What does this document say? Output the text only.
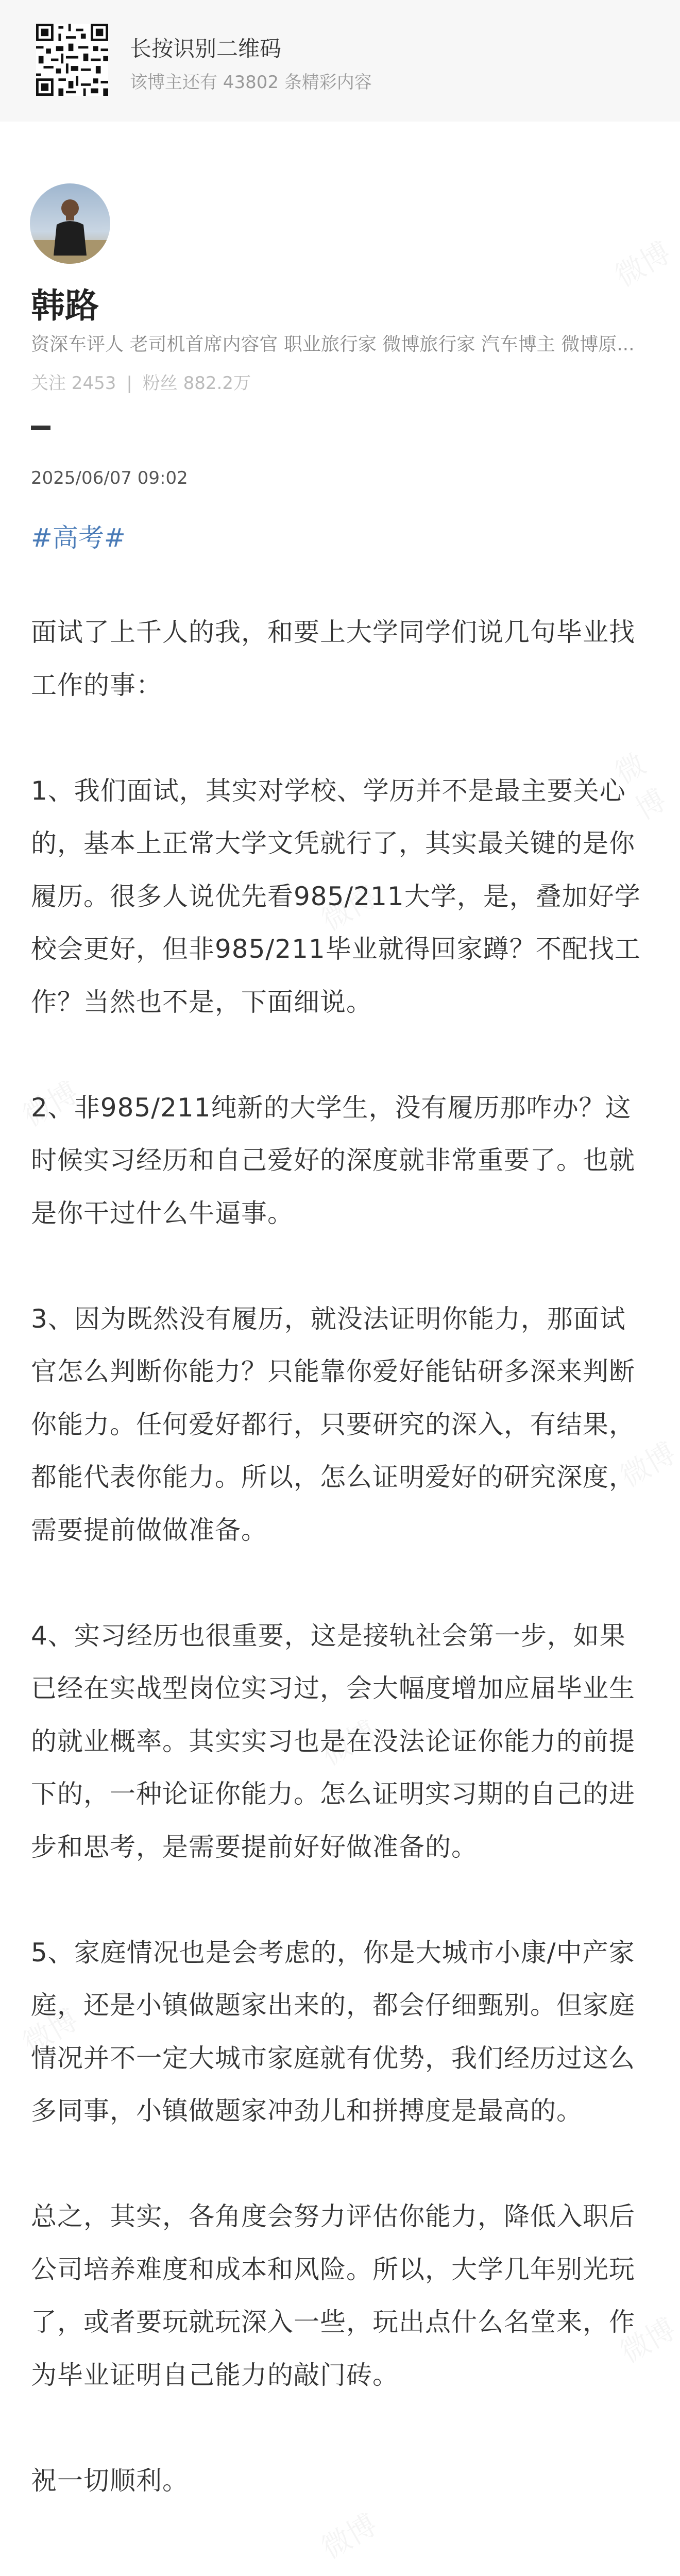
长按识别二维码
该博主还有 43802 条精彩内容
韩路
资深车评人 老司机首席内容官 职业旅行家 微博旅行家 汽车博主 微博原...
关注 2453 | 粉丝 882.2万
2025/06/07 09:02
#高考#

面试了上千人的我，和要上大学同学们说几句毕业找工作的事：

1、我们面试，其实对学校、学历并不是最主要关心的，基本上正常大学文凭就行了，其实最关键的是你履历。很多人说优先看985/211大学，是，叠加好学校会更好，但非985/211毕业就得回家蹲？不配找工作？当然也不是，下面细说。

2、非985/211纯新的大学生，没有履历那咋办？这时候实习经历和自己爱好的深度就非常重要了。也就是你干过什么牛逼事。

3、因为既然没有履历，就没法证明你能力，那面试官怎么判断你能力？只能靠你爱好能钻研多深来判断你能力。任何爱好都行，只要研究的深入，有结果，都能代表你能力。所以，怎么证明爱好的研究深度，需要提前做做准备。

4、实习经历也很重要，这是接轨社会第一步，如果已经在实战型岗位实习过，会大幅度增加应届毕业生的就业概率。其实实习也是在没法论证你能力的前提下的，一种论证你能力。怎么证明实习期的自己的进步和思考，是需要提前好好做准备的。

5、家庭情况也是会考虑的，你是大城市小康/中产家庭，还是小镇做题家出来的，都会仔细甄别。但家庭情况并不一定大城市家庭就有优势，我们经历过这么多同事，小镇做题家冲劲儿和拼搏度是最高的。

总之，其实，各角度会努力评估你能力，降低入职后公司培养难度和成本和风险。所以，大学几年别光玩了，或者要玩就玩深入一些，玩出点什么名堂来，作为毕业证明自己能力的敲门砖。

祝一切顺利。
